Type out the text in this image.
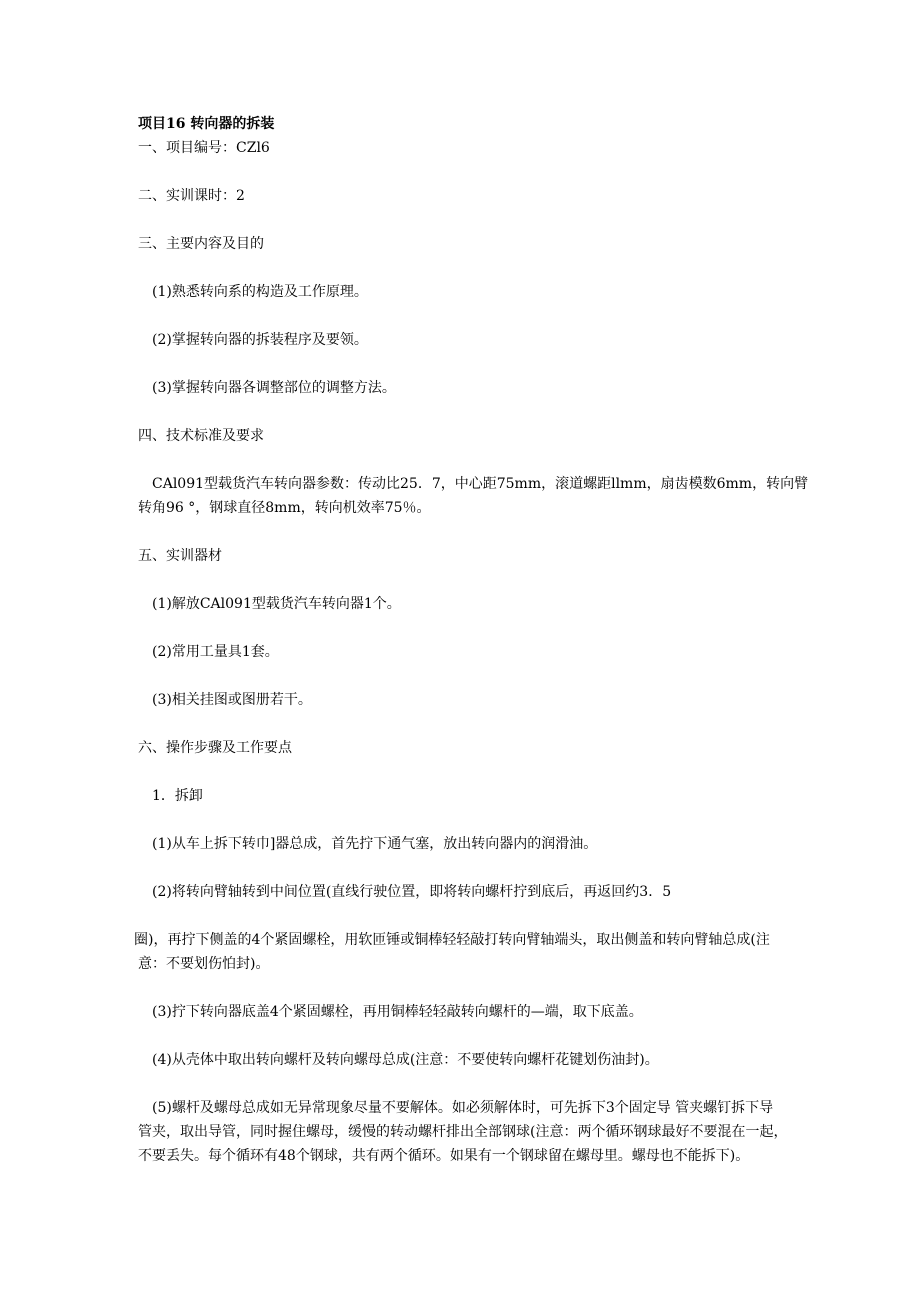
项目16 转向器的拆装
一、项目编号：CZl6
二、实训课时：2
三、主要内容及目的
(1)熟悉转向系的构造及工作原理。
(2)掌握转向器的拆装程序及要领。
(3)掌握转向器各调整部位的调整方法。
四、技术标准及要求
CAl091型载货汽车转向器参数：传动比25．7，中心距75mm，滚道螺距llmm，扇齿模数6mm，转向臂
转角96 °，钢球直径8mm，转向机效率75％。
五、实训器材
(1)解放CAl091型载货汽车转向器1个。
(2)常用工量具1套。
(3)相关挂图或图册若干。
六、操作步骤及工作要点
1．拆卸
(1)从车上拆下转巾]器总成，首先拧下通气塞，放出转向器内的润滑油。
(2)将转向臂轴转到中间位置(直线行驶位置，即将转向螺杆拧到底后，再返回约3．5
圈)，再拧下侧盖的4个紧固螺栓，用软匝锤或铜棒轻轻敲打转向臂轴端头，取出侧盖和转向臂轴总成(注
意：不要划伤怕封)。
(3)拧下转向器底盖4个紧固螺栓，再用铜棒轻轻敲转向螺杆的—端，取下底盖。
(4)从壳体中取出转向螺杆及转向螺母总成(注意：不要使转向螺杆花键划伤油封)。
(5)螺杆及螺母总成如无异常现象尽量不要解体。如必须解体时，可先拆下3个固定导 管夹螺钉拆下导
管夹，取出导管，同时握住螺母，缓慢的转动螺杆排出全部钢球(注意：两个循环钢球最好不要混在一起，
不要丢失。每个循环有48个钢球，共有两个循环。如果有一个钢球留在螺母里。螺母也不能拆下)。
